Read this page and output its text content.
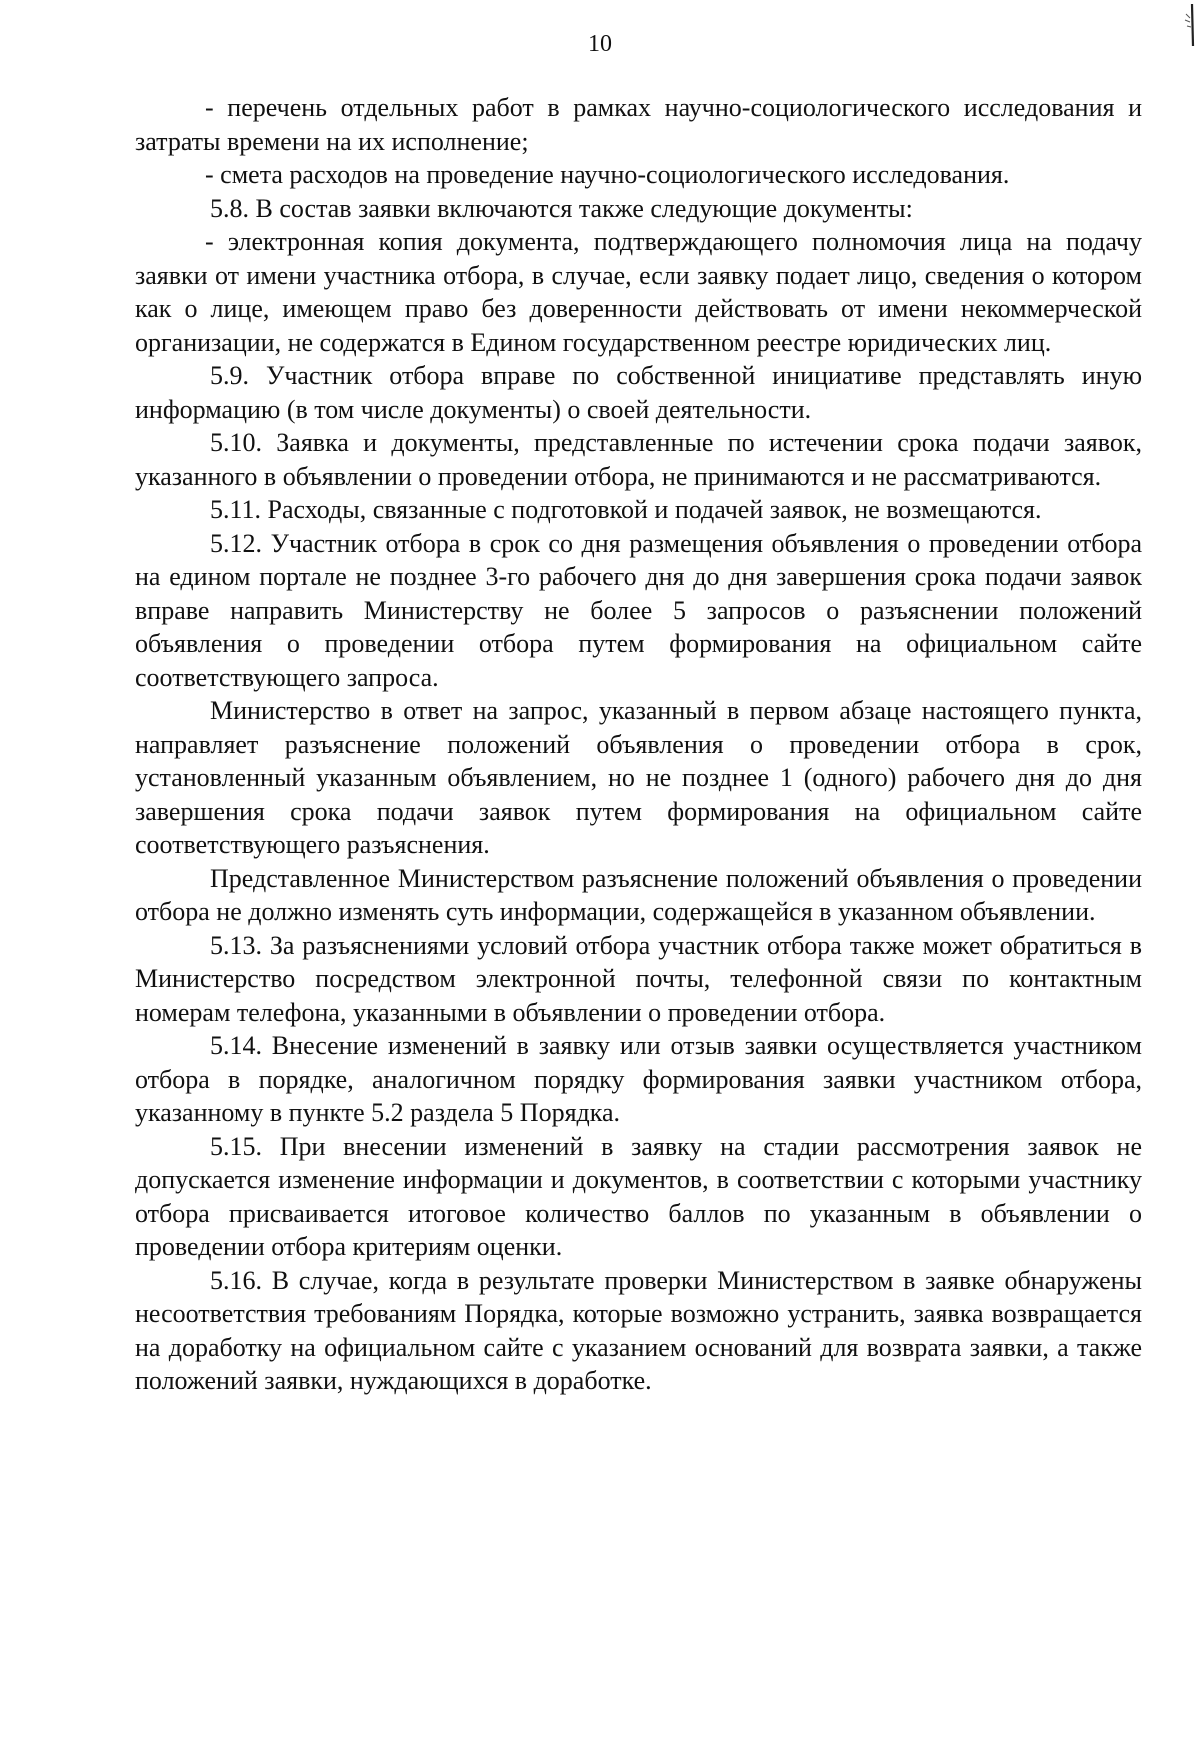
10

- перечень отдельных работ в рамках научно-социологического исследования и затраты времени на их исполнение;

- смета расходов на проведение научно-социологического исследования.

5.8. В состав заявки включаются также следующие документы:

- электронная копия документа, подтверждающего полномочия лица на подачу заявки от имени участника отбора, в случае, если заявку подает лицо, сведения о котором как о лице, имеющем право без доверенности действовать от имени некоммерческой организации, не содержатся в Едином государственном реестре юридических лиц.

5.9. Участник отбора вправе по собственной инициативе представлять иную информацию (в том числе документы) о своей деятельности.

5.10. Заявка и документы, представленные по истечении срока подачи заявок, указанного в объявлении о проведении отбора, не принимаются и не рассматриваются.

5.11. Расходы, связанные с подготовкой и подачей заявок, не возмещаются.

5.12. Участник отбора в срок со дня размещения объявления о проведении отбора на едином портале не позднее 3-го рабочего дня до дня завершения срока подачи заявок вправе направить Министерству не более 5 запросов о разъяснении положений объявления о проведении отбора путем формирования на официальном сайте соответствующего запроса.

Министерство в ответ на запрос, указанный в первом абзаце настоящего пункта, направляет разъяснение положений объявления о проведении отбора в срок, установленный указанным объявлением, но не позднее 1 (одного) рабочего дня до дня завершения срока подачи заявок путем формирования на официальном сайте соответствующего разъяснения.

Представленное Министерством разъяснение положений объявления о проведении отбора не должно изменять суть информации, содержащейся в указанном объявлении.

5.13. За разъяснениями условий отбора участник отбора также может обратиться в Министерство посредством электронной почты, телефонной связи по контактным номерам телефона, указанными в объявлении о проведении отбора.

5.14. Внесение изменений в заявку или отзыв заявки осуществляется участником отбора в порядке, аналогичном порядку формирования заявки участником отбора, указанному в пункте 5.2 раздела 5 Порядка.

5.15. При внесении изменений в заявку на стадии рассмотрения заявок не допускается изменение информации и документов, в соответствии с которыми участнику отбора присваивается итоговое количество баллов по указанным в объявлении о проведении отбора критериям оценки.

5.16. В случае, когда в результате проверки Министерством в заявке обнаружены несоответствия требованиям Порядка, которые возможно устранить, заявка возвращается на доработку на официальном сайте с указанием оснований для возврата заявки, а также положений заявки, нуждающихся в доработке.
